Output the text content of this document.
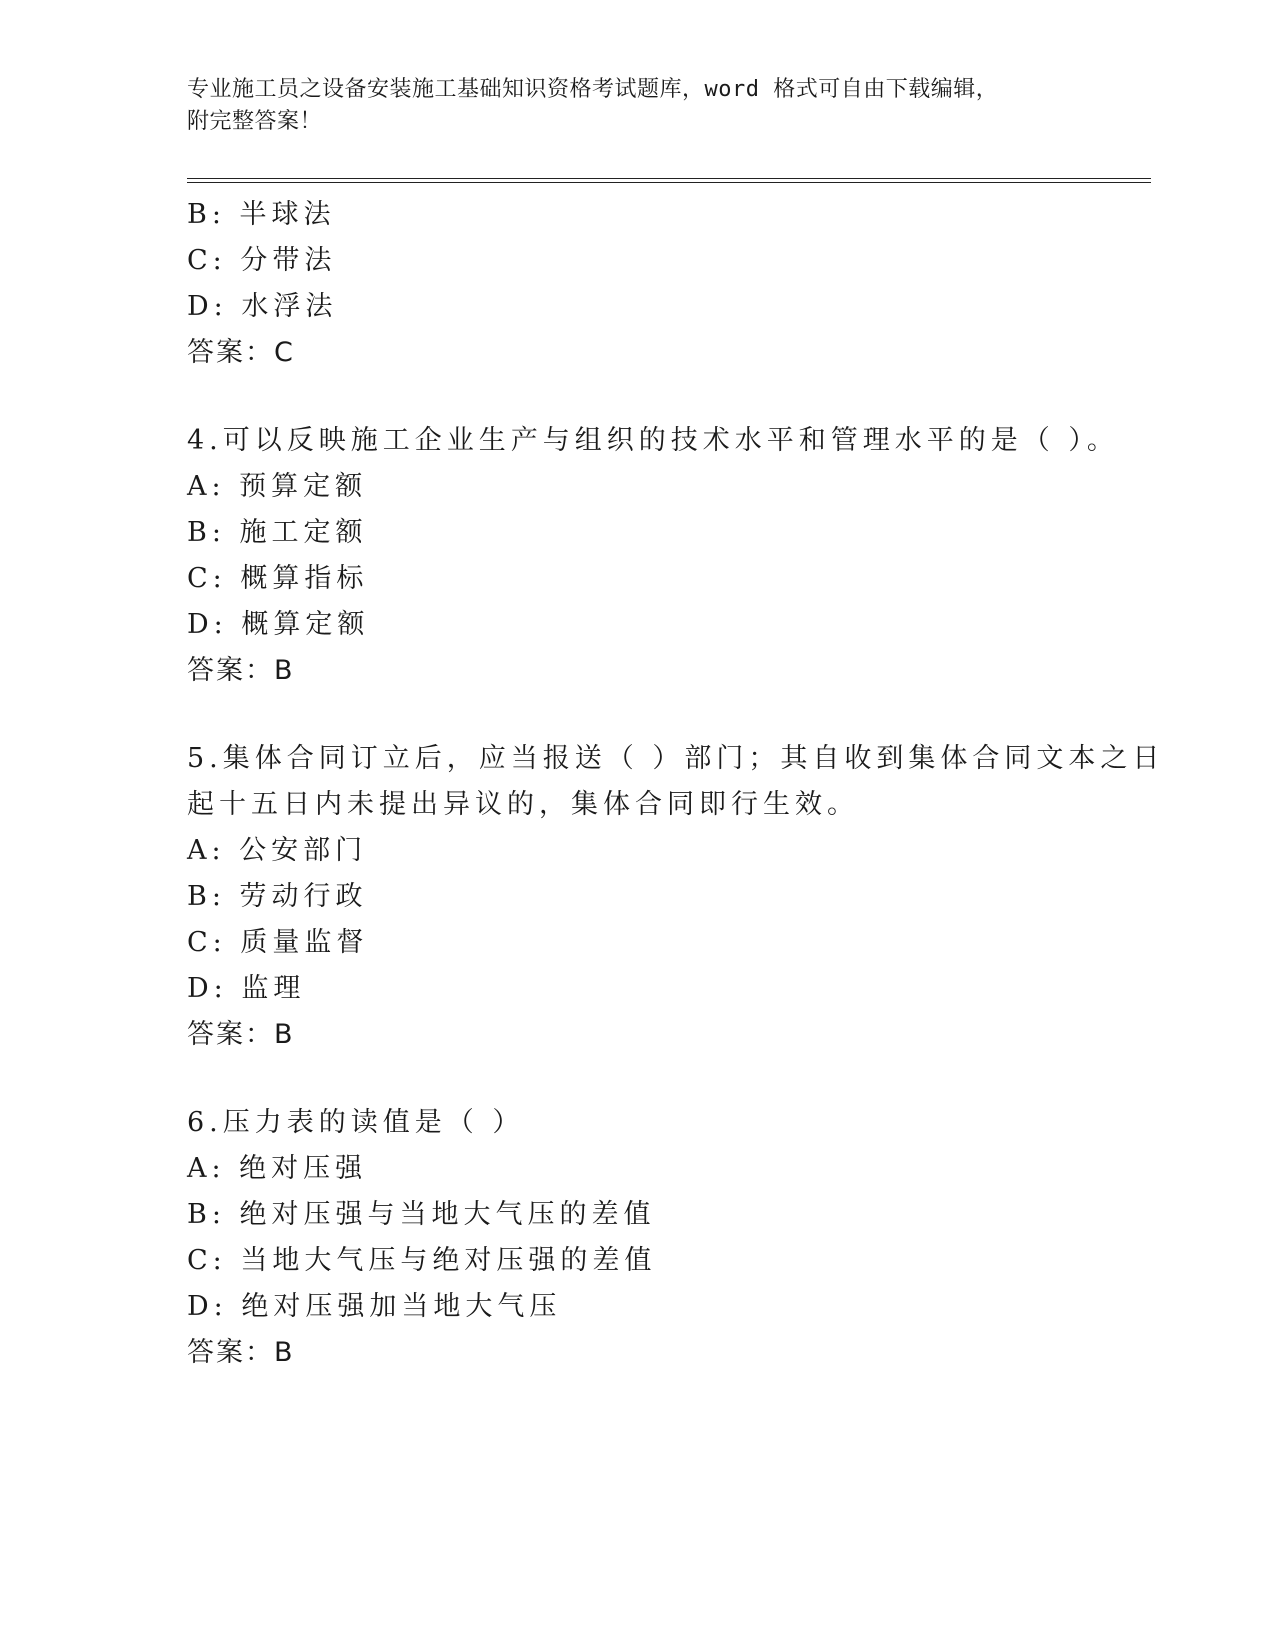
专业施工员之设备安装施工基础知识资格考试题库，word 格式可自由下载编辑，
附完整答案！
B: 半球法
C: 分带法
D: 水浮法
答案：C
4.可以反映施工企业生产与组织的技术水平和管理水平的是（ ）。
A: 预算定额
B: 施工定额
C: 概算指标
D: 概算定额
答案：B
5.集体合同订立后，应当报送（ ）部门；其自收到集体合同文本之日
起十五日内未提出异议的，集体合同即行生效。
A: 公安部门
B: 劳动行政
C: 质量监督
D: 监理
答案：B
6.压力表的读值是（ ）
A: 绝对压强
B: 绝对压强与当地大气压的差值
C: 当地大气压与绝对压强的差值
D: 绝对压强加当地大气压
答案：B
